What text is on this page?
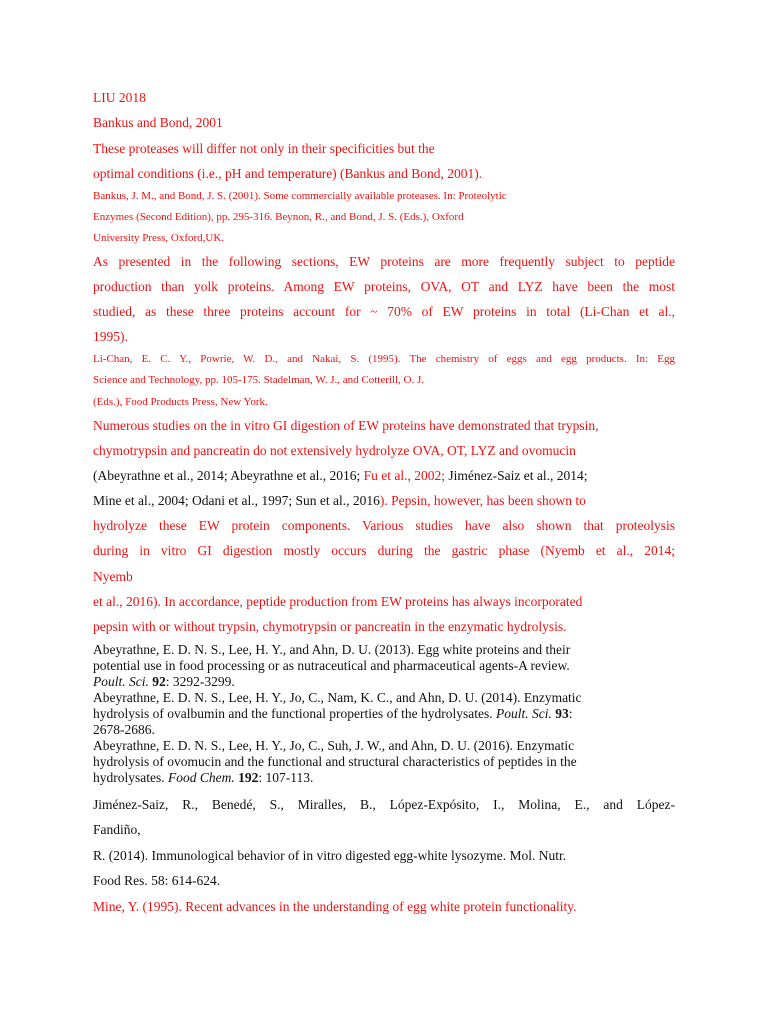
LIU 2018
Bankus and Bond, 2001
These proteases will differ not only in their specificities but the
optimal conditions (i.e., pH and temperature) (Bankus and Bond, 2001).
Bankus, J. M., and Bond, J. S. (2001). Some commercially available proteases. In: Proteolytic
Enzymes (Second Edition), pp. 295-316. Beynon, R., and Bond, J. S. (Eds.), Oxford
University Press, Oxford,UK.
As presented in the following sections, EW proteins are more frequently subject to peptide
production than yolk proteins. Among EW proteins, OVA, OT and LYZ have been the most
studied, as these three proteins account for ~ 70% of EW proteins in total (Li-Chan et al.,
1995).
Li-Chan, E. C. Y., Powrie, W. D., and Nakai, S. (1995). The chemistry of eggs and egg products. In: Egg
Science and Technology, pp. 105-175. Stadelman, W. J., and Cotterill, O. J.
(Eds.), Food Products Press, New York.
Numerous studies on the in vitro GI digestion of EW proteins have demonstrated that trypsin,
chymotrypsin and pancreatin do not extensively hydrolyze OVA, OT, LYZ and ovomucin
(Abeyrathne et al., 2014; Abeyrathne et al., 2016; Fu et al., 2002; Jiménez-Saiz et al., 2014;
Mine et al., 2004; Odani et al., 1997; Sun et al., 2016). Pepsin, however, has been shown to
hydrolyze these EW protein components. Various studies have also shown that proteolysis
during in vitro GI digestion mostly occurs during the gastric phase (Nyemb et al., 2014;
Nyemb
et al., 2016). In accordance, peptide production from EW proteins has always incorporated
pepsin with or without trypsin, chymotrypsin or pancreatin in the enzymatic hydrolysis.
Abeyrathne, E. D. N. S., Lee, H. Y., and Ahn, D. U. (2013). Egg white proteins and their
potential use in food processing or as nutraceutical and pharmaceutical agents-A review.
Poult. Sci. 92: 3292-3299.
Abeyrathne, E. D. N. S., Lee, H. Y., Jo, C., Nam, K. C., and Ahn, D. U. (2014). Enzymatic
hydrolysis of ovalbumin and the functional properties of the hydrolysates. Poult. Sci. 93:
2678-2686.
Abeyrathne, E. D. N. S., Lee, H. Y., Jo, C., Suh, J. W., and Ahn, D. U. (2016). Enzymatic
hydrolysis of ovomucin and the functional and structural characteristics of peptides in the
hydrolysates. Food Chem. 192: 107-113.
Jiménez-Saiz, R., Benedé, S., Miralles, B., López-Expósito, I., Molina, E., and López-
Fandiño,
R. (2014). Immunological behavior of in vitro digested egg-white lysozyme. Mol. Nutr.
Food Res. 58: 614-624.
Mine, Y. (1995). Recent advances in the understanding of egg white protein functionality.
